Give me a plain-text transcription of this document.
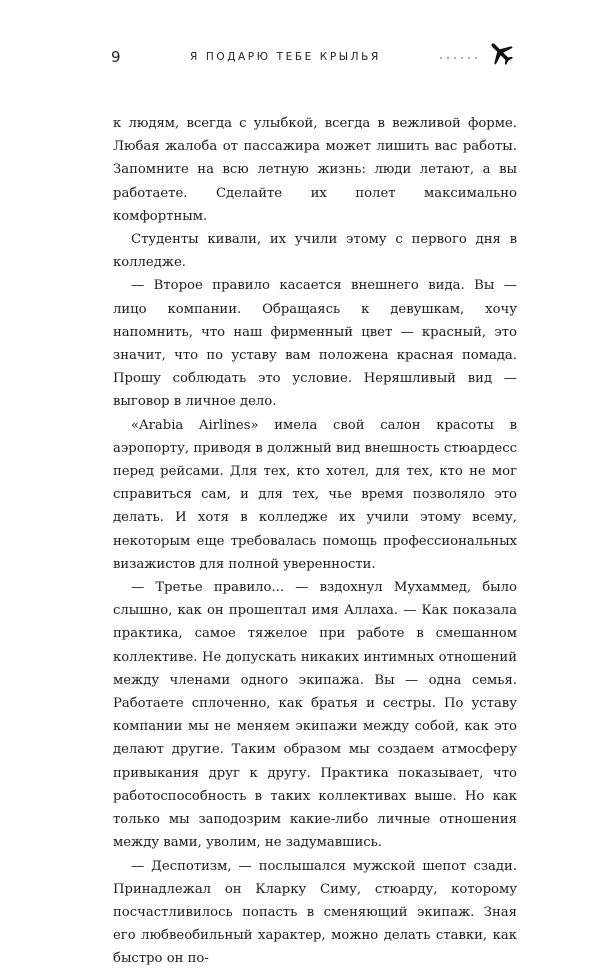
9	Я ПОДАРЮ ТЕБЕ КРЫЛЬЯ

к людям, всегда с улыбкой, всегда в вежливой форме. Любая жалоба от пассажира может лишить вас работы. Запомните на всю летную жизнь: люди летают, а вы работаете. Сделайте их полет максимально комфортным.

Студенты кивали, их учили этому с первого дня в колледже.

— Второе правило касается внешнего вида. Вы — лицо компании. Обращаясь к девушкам, хочу напомнить, что наш фирменный цвет — красный, это значит, что по уставу вам положена красная помада. Прошу соблюдать это условие. Неряшливый вид — выговор в личное дело.

«Arabia Airlines» имела свой салон красоты в аэропорту, приводя в должный вид внешность стюардесс перед рейсами. Для тех, кто хотел, для тех, кто не мог справиться сам, и для тех, чье время позволяло это делать. И хотя в колледже их учили этому всему, некоторым еще требовалась помощь профессиональных визажистов для полной уверенности.

— Третье правило... — вздохнул Мухаммед, было слышно, как он прошептал имя Аллаха. — Как показала практика, самое тяжелое при работе в смешанном коллективе. Не допускать никаких интимных отношений между членами одного экипажа. Вы — одна семья. Работаете сплоченно, как братья и сестры. По уставу компании мы не меняем экипажи между собой, как это делают другие. Таким образом мы создаем атмосферу привыкания друг к другу. Практика показывает, что работоспособность в таких коллективах выше. Но как только мы заподозрим какие-либо личные отношения между вами, уволим, не задумавшись.

— Деспотизм, — послышался мужской шепот сзади. Принадлежал он Кларку Симу, стюарду, которому посчастливилось попасть в сменяющий экипаж. Зная его любвеобильный характер, можно делать ставки, как быстро он по-
